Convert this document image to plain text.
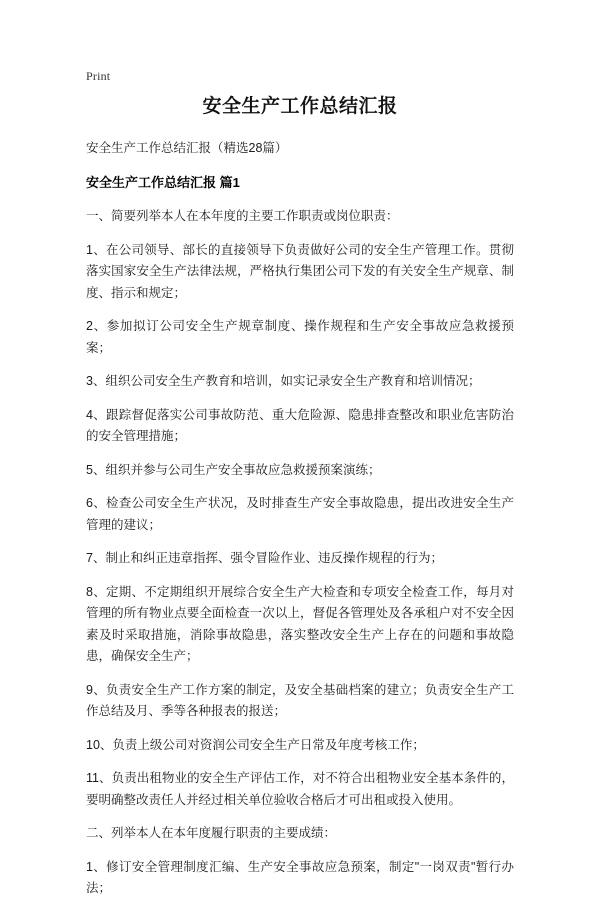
Print
安全生产工作总结汇报

安全生产工作总结汇报（精选28篇）

安全生产工作总结汇报 篇1

一、简要列举本人在本年度的主要工作职责或岗位职责：

1、在公司领导、部长的直接领导下负责做好公司的安全生产管理工作。贯彻落实国家安全生产法律法规，严格执行集团公司下发的有关安全生产规章、制度、指示和规定；

2、参加拟订公司安全生产规章制度、操作规程和生产安全事故应急救援预案；

3、组织公司安全生产教育和培训，如实记录安全生产教育和培训情况；

4、跟踪督促落实公司事故防范、重大危险源、隐患排查整改和职业危害防治的安全管理措施；

5、组织并参与公司生产安全事故应急救援预案演练；

6、检查公司安全生产状况，及时排查生产安全事故隐患，提出改进安全生产管理的建议；

7、制止和纠正违章指挥、强令冒险作业、违反操作规程的行为；

8、定期、不定期组织开展综合安全生产大检查和专项安全检查工作，每月对管理的所有物业点要全面检查一次以上，督促各管理处及各承租户对不安全因素及时采取措施，消除事故隐患，落实整改安全生产上存在的问题和事故隐患，确保安全生产；

9、负责安全生产工作方案的制定，及安全基础档案的建立；负责安全生产工作总结及月、季等各种报表的报送；

10、负责上级公司对资润公司安全生产日常及年度考核工作；

11、负责出租物业的安全生产评估工作，对不符合出租物业安全基本条件的，要明确整改责任人并经过相关单位验收合格后才可出租或投入使用。

二、列举本人在本年度履行职责的主要成绩：

1、修订安全管理制度汇编、生产安全事故应急预案，制定"一岗双责"暂行办法；
